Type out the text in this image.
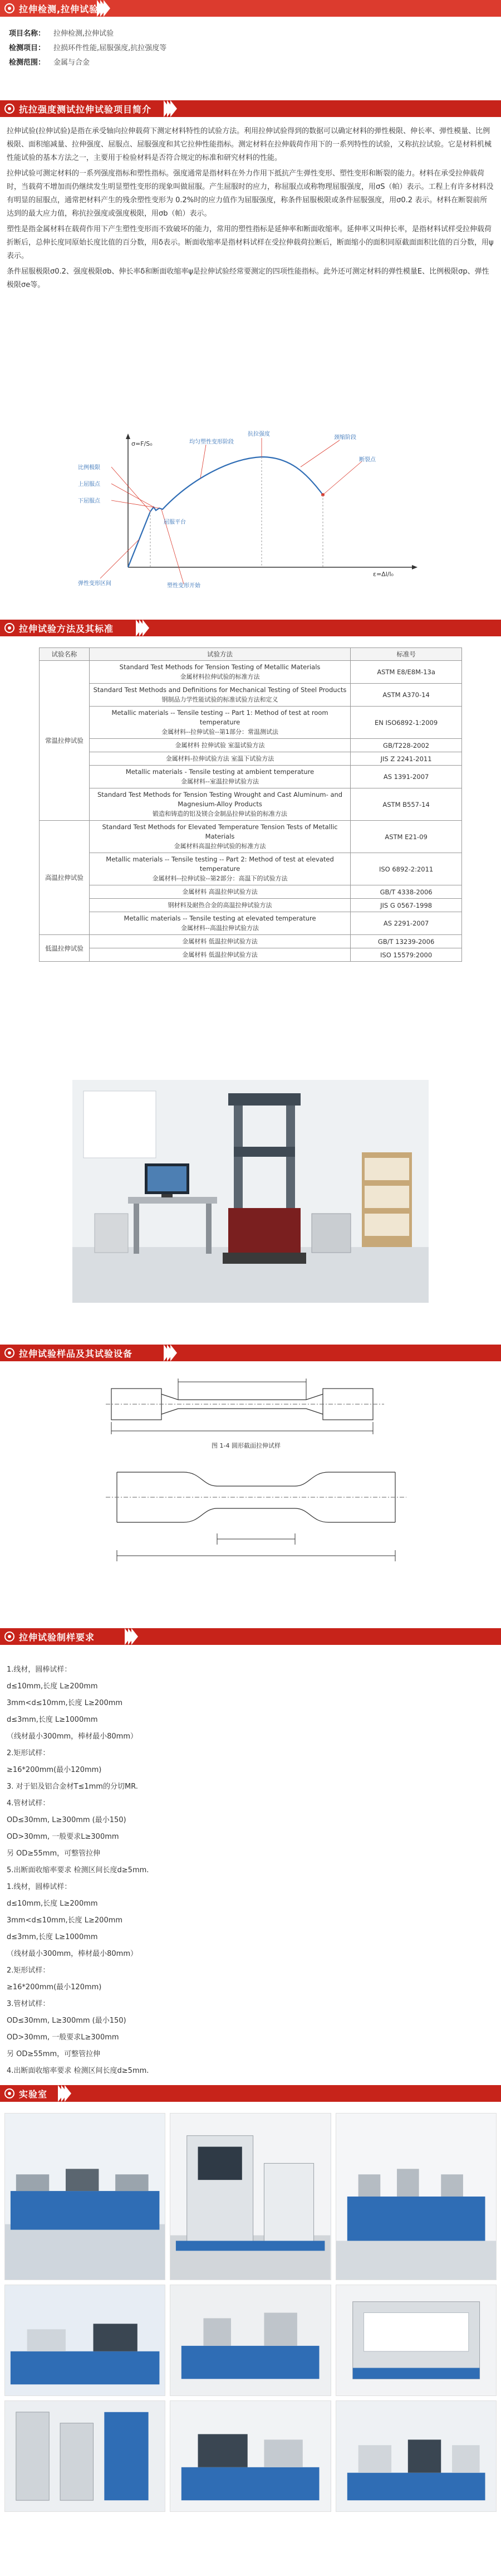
拉伸检测,拉伸试验
项目名称：	拉伸检测,拉伸试验
检测项目：	拉损环件性能,屈服强度,抗拉强度等
检测范围：	金属与合金
抗拉强度测试拉伸试验项目简介

拉伸试验(拉伸试验)是指在承受轴向拉伸载荷下测定材料特性的试验方法。利用拉伸试验得到的数据可以确定材料的弹性极限、伸长率、弹性模量、比例极限、面积缩减量、拉伸强度、屈服点、屈服强度和其它拉伸性能指标。测定材料在拉伸载荷作用下的一系列特性的试验，又称抗拉试验。它是材料机械性能试验的基本方法之一，主要用于检验材料是否符合规定的标准和研究材料的性能。

拉伸试验可测定材料的一系列强度指标和塑性指标。强度通常是指材料在外力作用下抵抗产生弹性变形、塑性变形和断裂的能力。材料在承受拉伸载荷时，当载荷不增加而仍继续发生明显塑性变形的现象叫做屈服。产生屈服时的应力，称屈服点或称物理屈服强度，用σS（帕）表示。工程上有许多材料没有明显的屈服点，通常把材料产生的残余塑性变形为 0.2%时的应力值作为屈服强度，称条件屈服极限或条件屈服强度，用σ0.2 表示。材料在断裂前所达到的最大应力值，称抗拉强度或强度极限，用σb（帕）表示。

塑性是指金属材料在载荷作用下产生塑性变形而不致破坏的能力，常用的塑性指标是延伸率和断面收缩率。延伸率又叫伸长率，是指材料试样受拉伸载荷折断后，总伸长度同原始长度比值的百分数，用δ表示。断面收缩率是指材料试样在受拉伸载荷拉断后，断面缩小的面积同原截面面积比值的百分数，用ψ表示。

条件屈服极限σ0.2、强度极限σb、伸长率δ和断面收缩率ψ是拉伸试验经常要测定的四项性能指标。此外还可测定材料的弹性模量E、比例极限σp、弹性极限σe等。

比例极限
上屈服点
下屈服点
抗拉强度
颈缩阶段
断裂点
均匀塑性变形阶段
弹性变形区间	塑性变形开始
屈服平台
σ=F/S₀
ε=Δl/l₀
拉伸试验方法及其标准
试验名称	试验方法	标准号
常温拉伸试验	Standard Test Methods for Tension Testing of Metallic Materials
金属材料拉伸试验的标准方法	ASTM E8/E8M-13a

	Standard Test Methods and Definitions for Mechanical Testing of Steel Products
钢制品力学性能试验的标准试验方法和定义	ASTM A370-14

	Metallic materials -- Tensile testing -- Part 1: Method of test at room temperature
金属材料--拉伸试验--第1部分：常温测试法	EN ISO6892-1:2009

	金属材料 拉伸试验 室温试验方法	GB/T228-2002

	金属材料-拉伸试验方法 室温下试验方法	JIS Z 2241-2011

	Metallic materials - Tensile testing at ambient temperature
金属材料--室温拉伸试验方法	AS 1391-2007

	Standard Test Methods for Tension Testing Wrought and Cast Aluminum- and Magnesium-Alloy Products
锻造和铸造的铝及镁合金制品拉伸试验的标准方法	ASTM B557-14
高温拉伸试验	Standard Test Methods for Elevated Temperature Tension Tests of Metallic Materials
金属材料高温拉伸试验的标准方法	ASTM E21-09

	Metallic materials -- Tensile testing -- Part 2: Method of test at elevated temperature
金属材料--拉伸试验--第2部分：高温下的试验方法	ISO 6892-2:2011

	金属材料 高温拉伸试验方法	GB/T 4338-2006

	钢材料及耐热合金的高温拉伸试验方法	JIS G 0567-1998

	Metallic materials -- Tensile testing at elevated temperature
金属材料--高温拉伸试验方法	AS 2291-2007
低温拉伸试验	金属材料 低温拉伸试验方法	GB/T 13239-2006

	金属材料 低温拉伸试验方法	ISO 15579:2000
拉伸试验样品及其试验设备
图 1-4 圆形截面拉伸试样
拉伸试验制样要求
1.线材，圆棒试样：
d≤10mm,长度 L≥200mm
3mm<d≤10mm,长度 L≥200mm
d≤3mm,长度 L≥1000mm
（线材最小300mm，棒材最小80mm）
2.矩形试样：
≥16*200mm(最小120mm)
3. 对于铝及铝合金材T≤1mm的分切MR.
4.管材试样：
OD≤30mm, L≥300mm (最小150)
OD>30mm, 一般要求L≥300mm
另 OD≥55mm，可整管拉伸
5.出断面收缩率要求 检测区间长度d≥5mm.
1.线材，圆棒试样：
d≤10mm,长度 L≥200mm
3mm<d≤10mm,长度 L≥200mm
d≤3mm,长度 L≥1000mm
（线材最小300mm，棒材最小80mm）
2.矩形试样：
≥16*200mm(最小120mm)
3.管材试样：
OD≤30mm, L≥300mm (最小150)
OD>30mm, 一般要求L≥300mm
另 OD≥55mm，可整管拉伸
4.出断面收缩率要求 检测区间长度d≥5mm.
实验室
